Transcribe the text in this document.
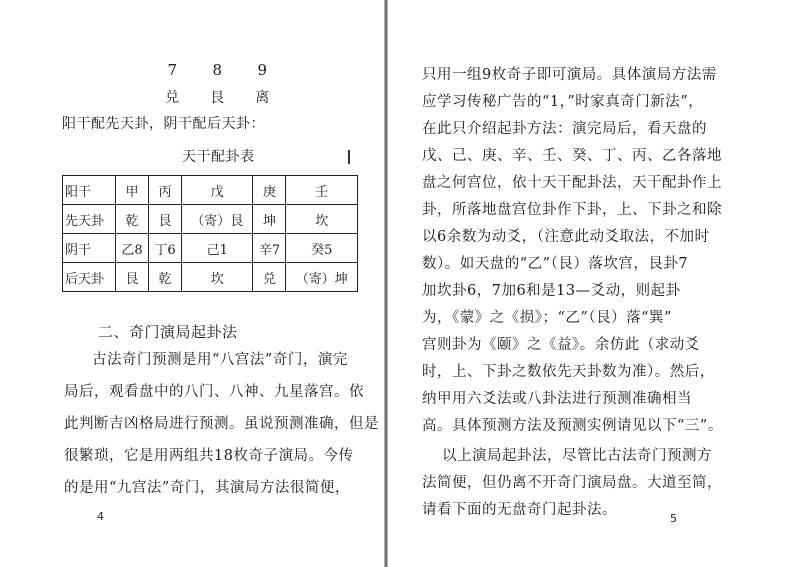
7 8 9
兑 艮 离
阳干配先天卦，阴干配后天卦：
天干配卦表
阳干	甲	丙	戊	庚	壬
先天卦	乾	艮	（寄）艮	坤	坎
阴干	乙8	丁6	己1	辛7	癸5
后天卦	艮	乾	坎	兑	（寄）坤
二、奇门演局起卦法
古法奇门预测是用“八宫法”奇门，演完
局后，观看盘中的八门、八神、九星落宫。依
此判断吉凶格局进行预测。虽说预测准确，但是
很繁琐，它是用两组共18枚奇子演局。今传
的是用“九宫法”奇门，其演局方法很简便，
4
只用一组9枚奇子即可演局。具体演局方法需
应学习传秘广告的“1，”时家真奇门新法”，
在此只介绍起卦方法：演完局后，看天盘的
戊、己、庚、辛、壬、癸、丁、丙、乙各落地
盘之何宫位，依十天干配卦法，天干配卦作上
卦，所落地盘宫位卦作下卦，上、下卦之和除
以6余数为动爻，（注意此动爻取法，不加时
数）。如天盘的“乙”（艮）落坎宫，艮卦7
加坎卦6，7加6和是13—爻动，则起卦
为，《蒙》之《损》；“乙”（艮）落“巽”
宫则卦为《颐》之《益》。余仿此（求动爻
时，上、下卦之数依先天卦数为准）。然后，
纳甲用六爻法或八卦法进行预测准确相当
高。具体预测方法及预测实例请见以下“三”。
以上演局起卦法，尽管比古法奇门预测方
法简便，但仍离不开奇门演局盘。大道至简，
请看下面的无盘奇门起卦法。
5
